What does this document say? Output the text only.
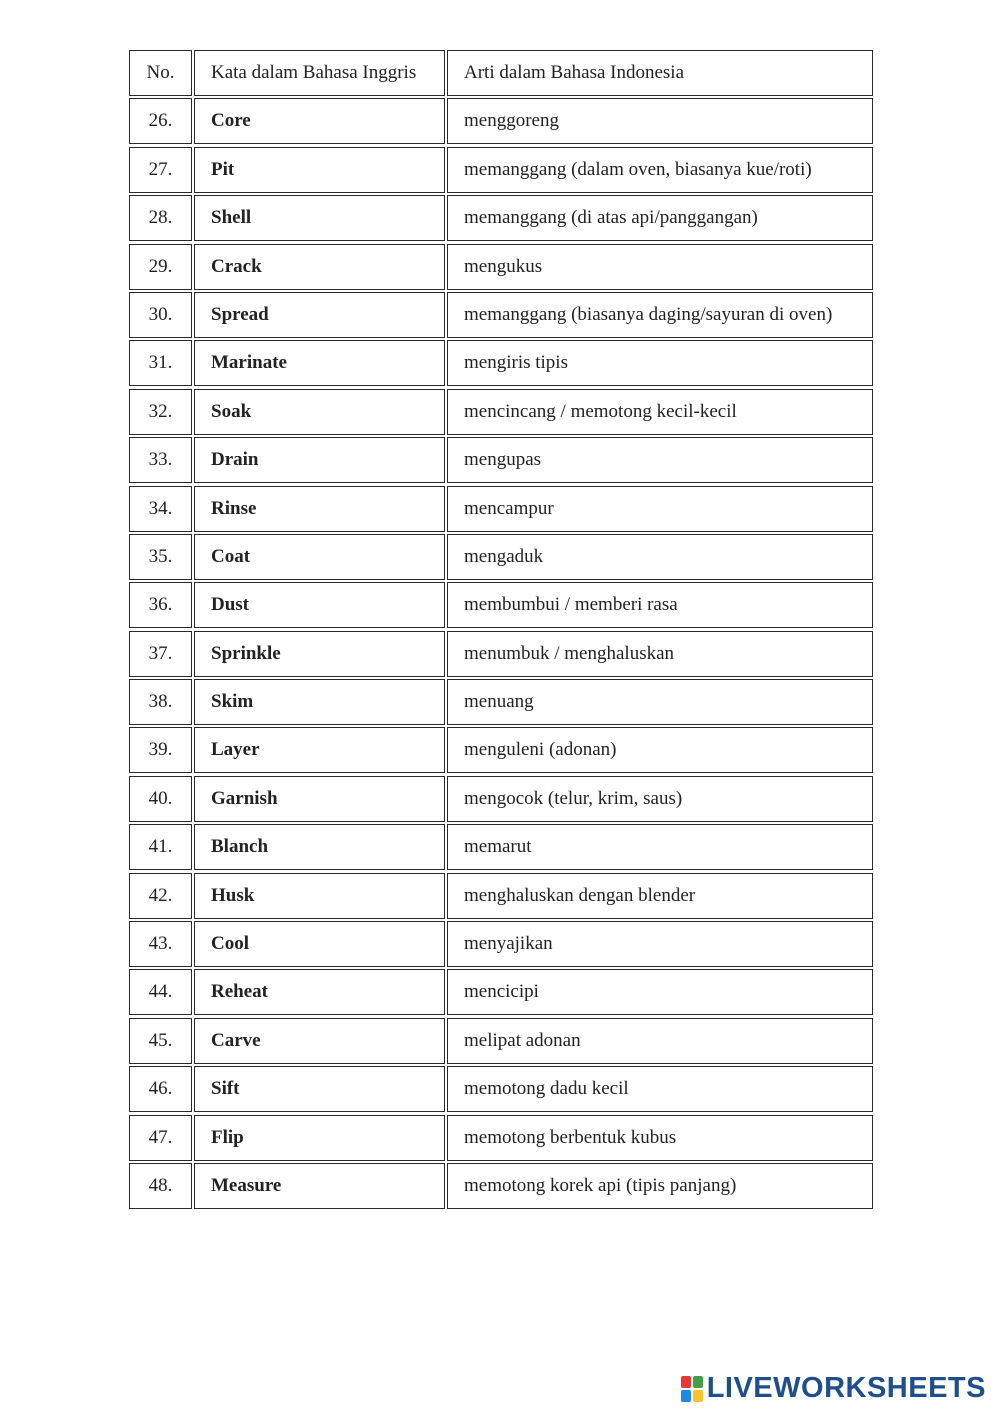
No.	Kata dalam Bahasa Inggris	Arti dalam Bahasa Indonesia
26.	Core	menggoreng
27.	Pit	memanggang (dalam oven, biasanya kue/roti)
28.	Shell	memanggang (di atas api/panggangan)
29.	Crack	mengukus
30.	Spread	memanggang (biasanya daging/sayuran di oven)
31.	Marinate	mengiris tipis
32.	Soak	mencincang / memotong kecil-kecil
33.	Drain	mengupas
34.	Rinse	mencampur
35.	Coat	mengaduk
36.	Dust	membumbui / memberi rasa
37.	Sprinkle	menumbuk / menghaluskan
38.	Skim	menuang
39.	Layer	menguleni (adonan)
40.	Garnish	mengocok (telur, krim, saus)
41.	Blanch	memarut
42.	Husk	menghaluskan dengan blender
43.	Cool	menyajikan
44.	Reheat	mencicipi
45.	Carve	melipat adonan
46.	Sift	memotong dadu kecil
47.	Flip	memotong berbentuk kubus
48.	Measure	memotong korek api (tipis panjang)
LIVEWORKSHEETS
